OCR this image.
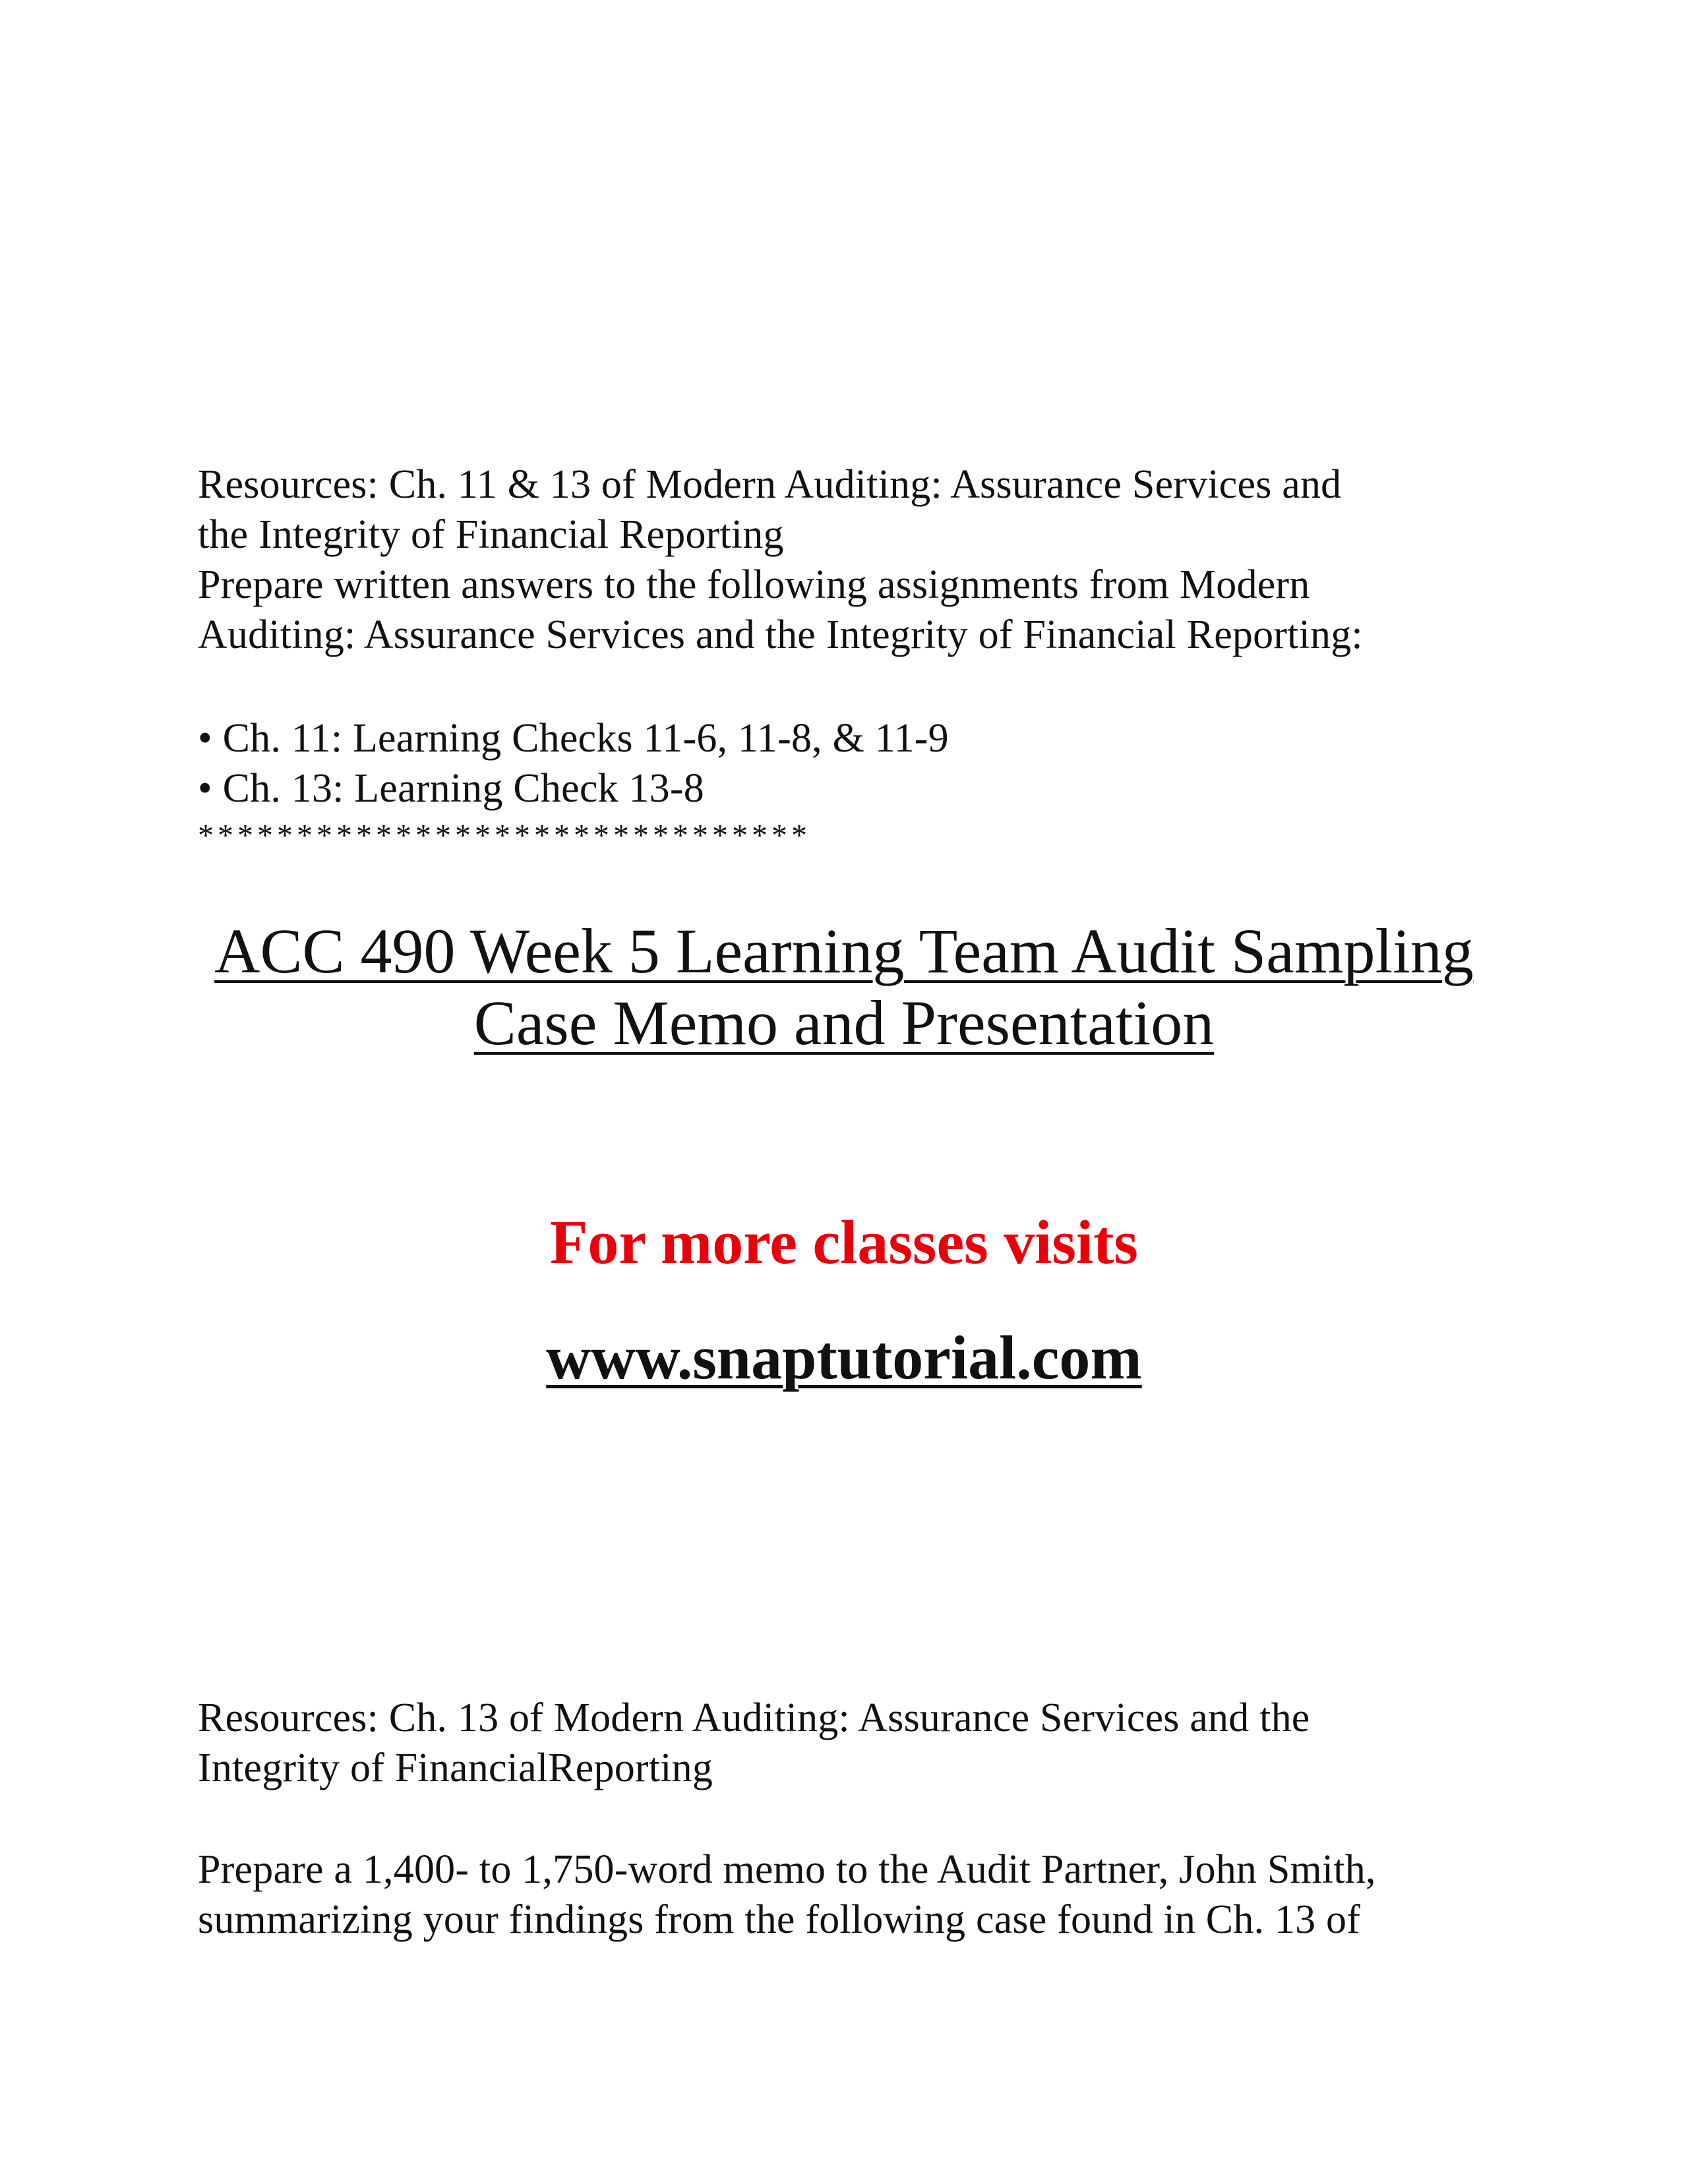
Resources: Ch. 11 & 13 of Modern Auditing: Assurance Services and
the Integrity of Financial Reporting
Prepare written answers to the following assignments from Modern
Auditing: Assurance Services and the Integrity of Financial Reporting:
• Ch. 11: Learning Checks 11-6, 11-8, & 11-9
• Ch. 13: Learning Check 13-8
*******************************
ACC 490 Week 5 Learning Team Audit Sampling
Case Memo and Presentation
For more classes visits
www.snaptutorial.com
Resources: Ch. 13 of Modern Auditing: Assurance Services and the
Integrity of FinancialReporting
Prepare a 1,400- to 1,750-word memo to the Audit Partner, John Smith,
summarizing your findings from the following case found in Ch. 13 of
